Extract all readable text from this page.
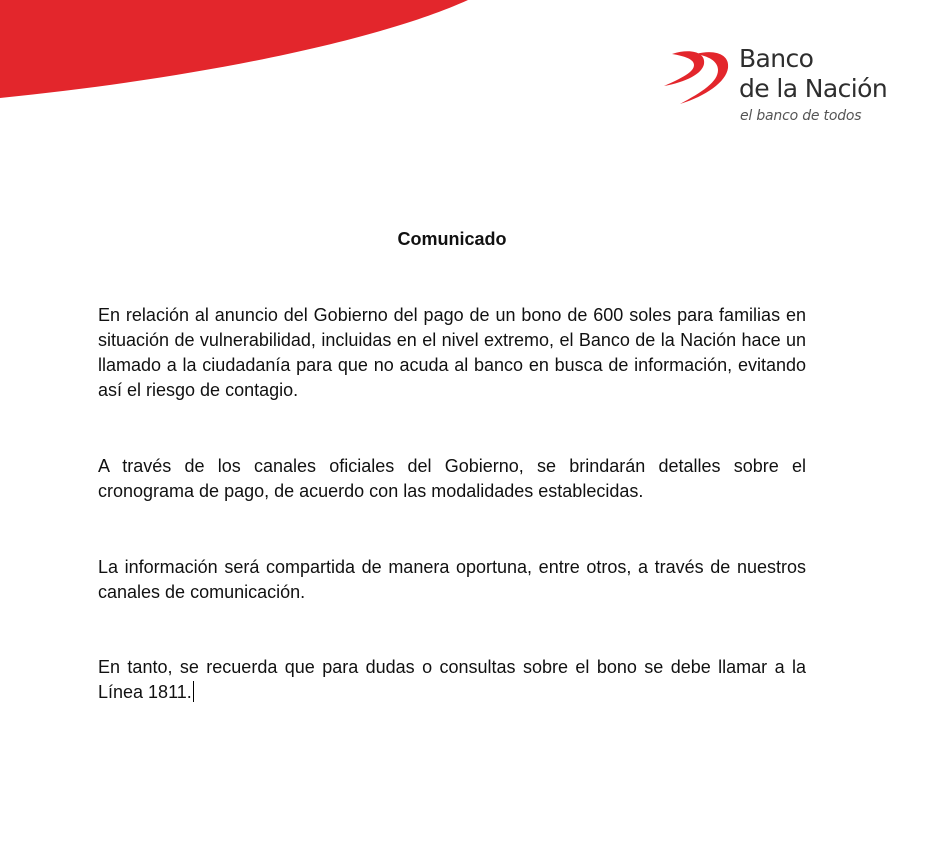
Banco
de la Nación
el banco de todos
Comunicado

En relación al anuncio del Gobierno del pago de un bono de 600 soles para familias en situación de vulnerabilidad, incluidas en el nivel extremo, el Banco de la Nación hace un llamado a la ciudadanía para que no acuda al banco en busca de información, evitando así el riesgo de contagio.

A través de los canales oficiales del Gobierno, se brindarán detalles sobre el cronograma de pago, de acuerdo con las modalidades establecidas.

La información será compartida de manera oportuna, entre otros, a través de nuestros canales de comunicación.

En tanto, se recuerda que para dudas o consultas sobre el bono se debe llamar a la Línea 1811.
